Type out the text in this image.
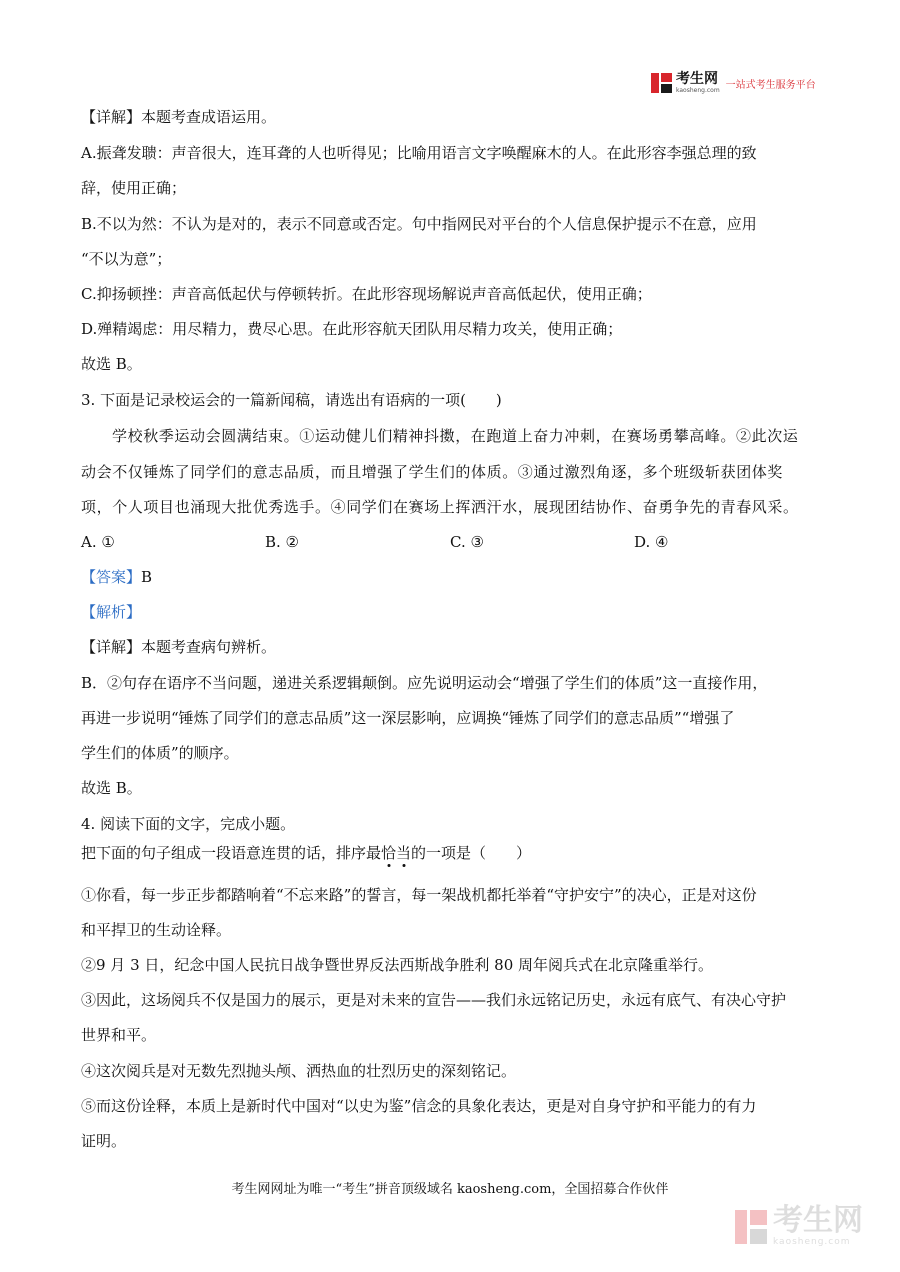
考生网
kaosheng.com 一站式考生服务平台
【详解】本题考查成语运用。
A.振聋发聩：声音很大，连耳聋的人也听得见；比喻用语言文字唤醒麻木的人。在此形容李强总理的致
辞，使用正确；
B.不以为然：不认为是对的，表示不同意或否定。句中指网民对平台的个人信息保护提示不在意，应用
“不以为意”；
C.抑扬顿挫：声音高低起伏与停顿转折。在此形容现场解说声音高低起伏，使用正确；
D.殚精竭虑：用尽精力，费尽心思。在此形容航天团队用尽精力攻关，使用正确；
故选 B。
3. 下面是记录校运会的一篇新闻稿，请选出有语病的一项(　　)
学校秋季运动会圆满结束。①运动健儿们精神抖擞，在跑道上奋力冲刺，在赛场勇攀高峰。②此次运
动会不仅锤炼了同学们的意志品质，而且增强了学生们的体质。③通过激烈角逐，多个班级斩获团体奖
项，个人项目也涌现大批优秀选手。④同学们在赛场上挥洒汗水，展现团结协作、奋勇争先的青春风采。
A. ①	B. ②	C. ③	D. ④
【答案】B
【解析】
【详解】本题考查病句辨析。
B．②句存在语序不当问题，递进关系逻辑颠倒。应先说明运动会“增强了学生们的体质”这一直接作用，
再进一步说明“锤炼了同学们的意志品质”这一深层影响，应调换“锤炼了同学们的意志品质”“增强了
学生们的体质”的顺序。
故选 B。
4. 阅读下面的文字，完成小题。
把下面的句子组成一段语意连贯的话，排序最恰当的一项是（　　）
①你看，每一步正步都踏响着“不忘来路”的誓言，每一架战机都托举着“守护安宁”的决心，正是对这份
和平捍卫的生动诠释。
②9 月 3 日，纪念中国人民抗日战争暨世界反法西斯战争胜利 80 周年阅兵式在北京隆重举行。
③因此，这场阅兵不仅是国力的展示，更是对未来的宣告——我们永远铭记历史，永远有底气、有决心守护
世界和平。
④这次阅兵是对无数先烈抛头颅、洒热血的壮烈历史的深刻铭记。
⑤而这份诠释，本质上是新时代中国对“以史为鉴”信念的具象化表达，更是对自身守护和平能力的有力
证明。
考生网网址为唯一“考生”拼音顶级域名 kaosheng.com，全国招募合作伙伴
考生网
kaosheng.com
